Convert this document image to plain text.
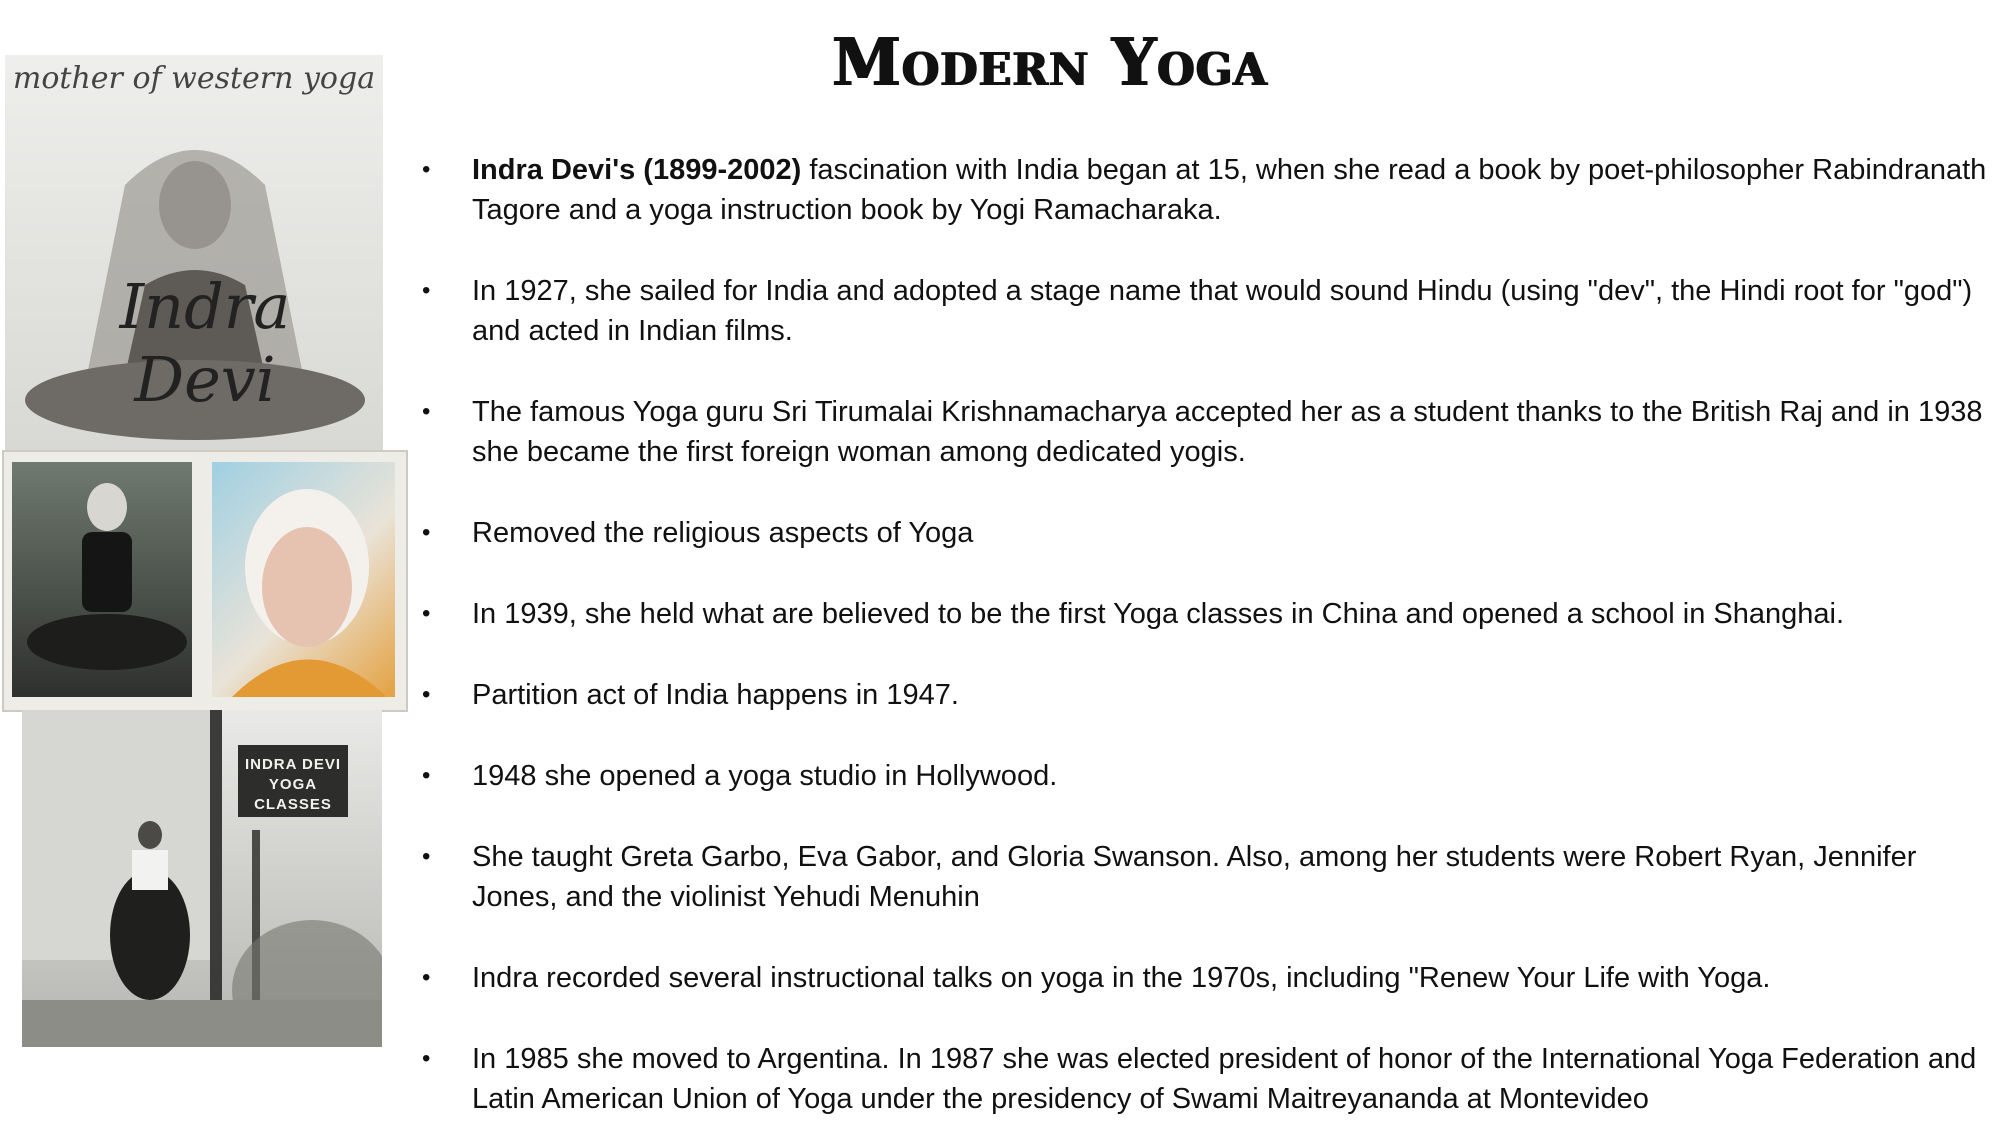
Modern Yoga
mother of western yoga
Indra Devi
INDRA DEVI YOGA CLASSES
• Indra Devi's (1899-2002) fascination with India began at 15, when she read a book by poet-philosopher Rabindranath Tagore and a yoga instruction book by Yogi Ramacharaka.
• In 1927, she sailed for India and adopted a stage name that would sound Hindu (using "dev", the Hindi root for "god") and acted in Indian films.
• The famous Yoga guru Sri Tirumalai Krishnamacharya accepted her as a student thanks to the British Raj and in 1938 she became the first foreign woman among dedicated yogis.
• Removed the religious aspects of Yoga
• In 1939, she held what are believed to be the first Yoga classes in China and opened a school in Shanghai.
• Partition act of India happens in 1947.
• 1948 she opened a yoga studio in Hollywood.
• She taught Greta Garbo, Eva Gabor, and Gloria Swanson. Also, among her students were Robert Ryan, Jennifer Jones, and the violinist Yehudi Menuhin
• Indra recorded several instructional talks on yoga in the 1970s, including "Renew Your Life with Yoga.
• In 1985 she moved to Argentina. In 1987 she was elected president of honor of the International Yoga Federation and Latin American Union of Yoga under the presidency of Swami Maitreyananda at Montevideo
